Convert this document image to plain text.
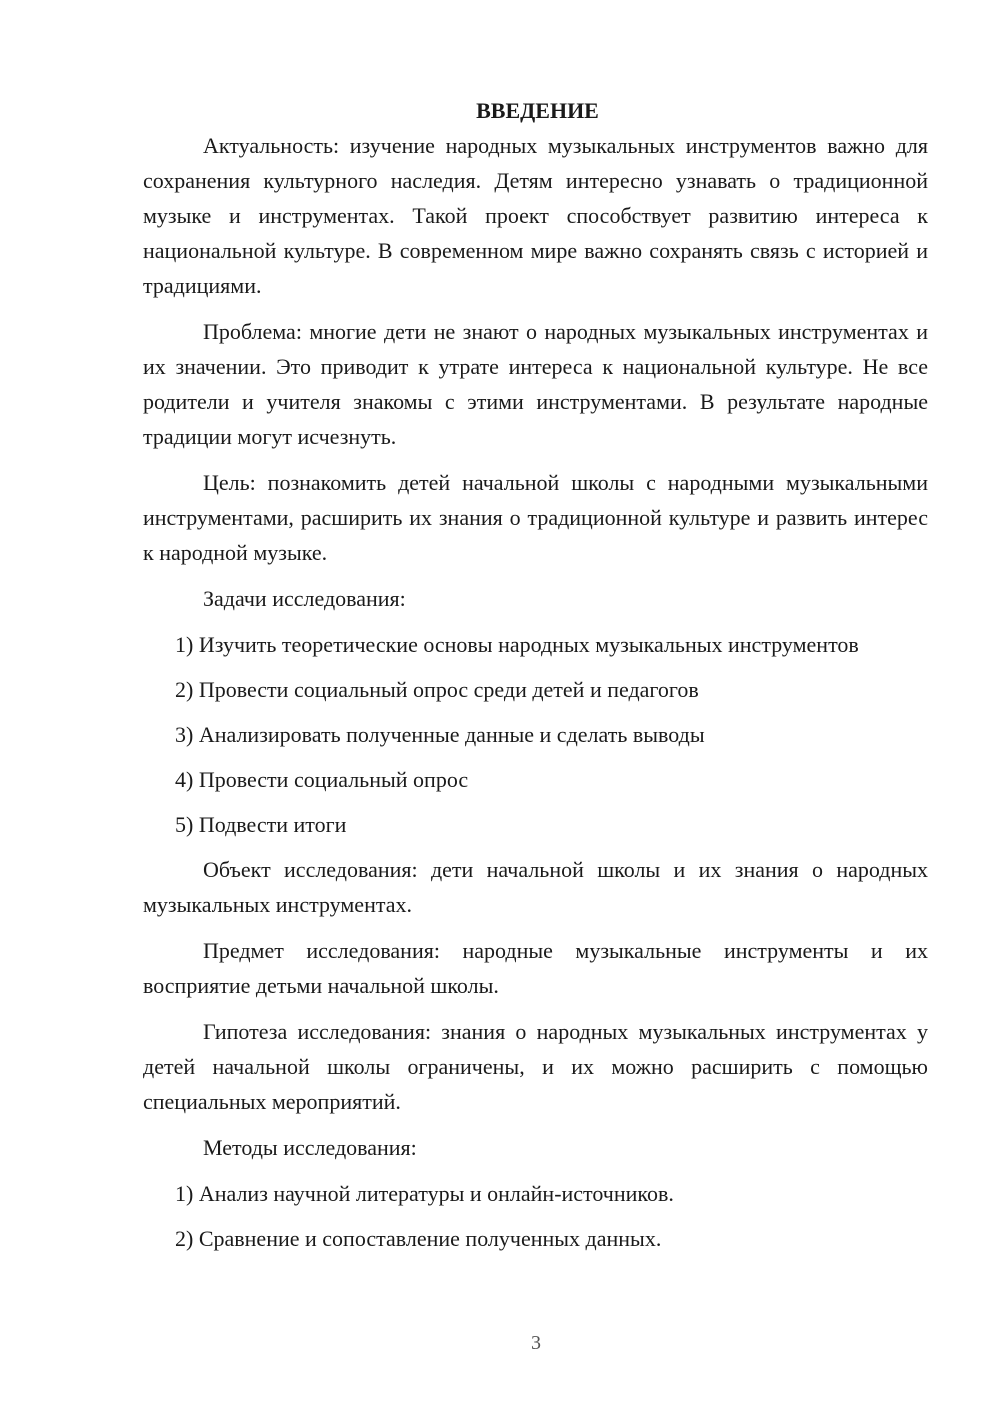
ВВЕДЕНИЕ

Актуальность: изучение народных музыкальных инструментов важно для сохранения культурного наследия. Детям интересно узнавать о традиционной музыке и инструментах. Такой проект способствует развитию интереса к национальной культуре. В современном мире важно сохранять связь с историей и традициями.

Проблема: многие дети не знают о народных музыкальных инструментах и их значении. Это приводит к утрате интереса к национальной культуре. Не все родители и учителя знакомы с этими инструментами. В результате народные традиции могут исчезнуть.

Цель: познакомить детей начальной школы с народными музыкальными инструментами, расширить их знания о традиционной культуре и развить интерес к народной музыке.

Задачи исследования:

1) Изучить теоретические основы народных музыкальных инструментов

2) Провести социальный опрос среди детей и педагогов

3) Анализировать полученные данные и сделать выводы

4) Провести социальный опрос

5) Подвести итоги

Объект исследования: дети начальной школы и их знания о народных музыкальных инструментах.

Предмет исследования: народные музыкальные инструменты и их восприятие детьми начальной школы.

Гипотеза исследования: знания о народных музыкальных инструментах у детей начальной школы ограничены, и их можно расширить с помощью специальных мероприятий.

Методы исследования:

1) Анализ научной литературы и онлайн-источников.

2) Сравнение и сопоставление полученных данных.

3
